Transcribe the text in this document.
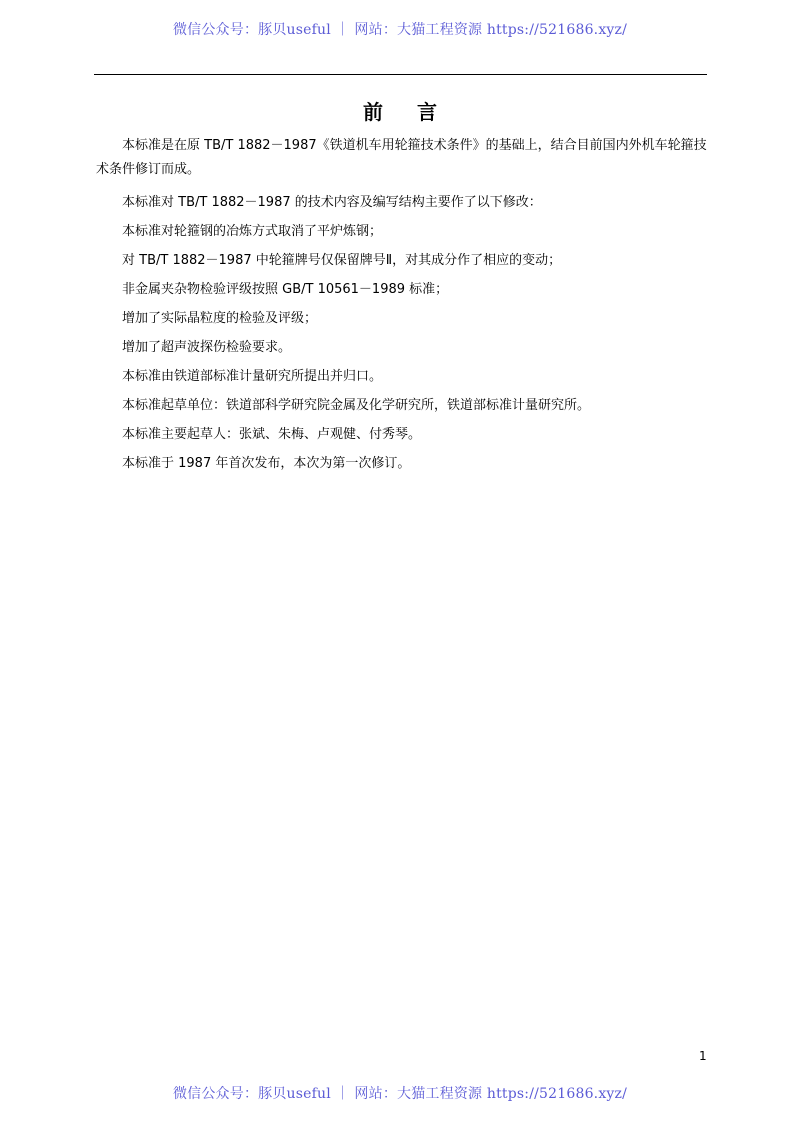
微信公众号：豚贝useful ｜ 网站：大猫工程资源 https://521686.xyz/
前言

本标准是在原 TB/T 1882－1987《铁道机车用轮箍技术条件》的基础上，结合目前国内外机车轮箍技术条件修订而成。

本标准对 TB/T 1882－1987 的技术内容及编写结构主要作了以下修改：

本标准对轮箍钢的冶炼方式取消了平炉炼钢；

对 TB/T 1882－1987 中轮箍牌号仅保留牌号Ⅱ，对其成分作了相应的变动；

非金属夹杂物检验评级按照 GB/T 10561－1989 标准；

增加了实际晶粒度的检验及评级；

增加了超声波探伤检验要求。

本标准由铁道部标准计量研究所提出并归口。

本标准起草单位：铁道部科学研究院金属及化学研究所，铁道部标准计量研究所。

本标准主要起草人：张斌、朱梅、卢观健、付秀琴。

本标准于 1987 年首次发布，本次为第一次修订。

1
微信公众号：豚贝useful ｜ 网站：大猫工程资源 https://521686.xyz/
